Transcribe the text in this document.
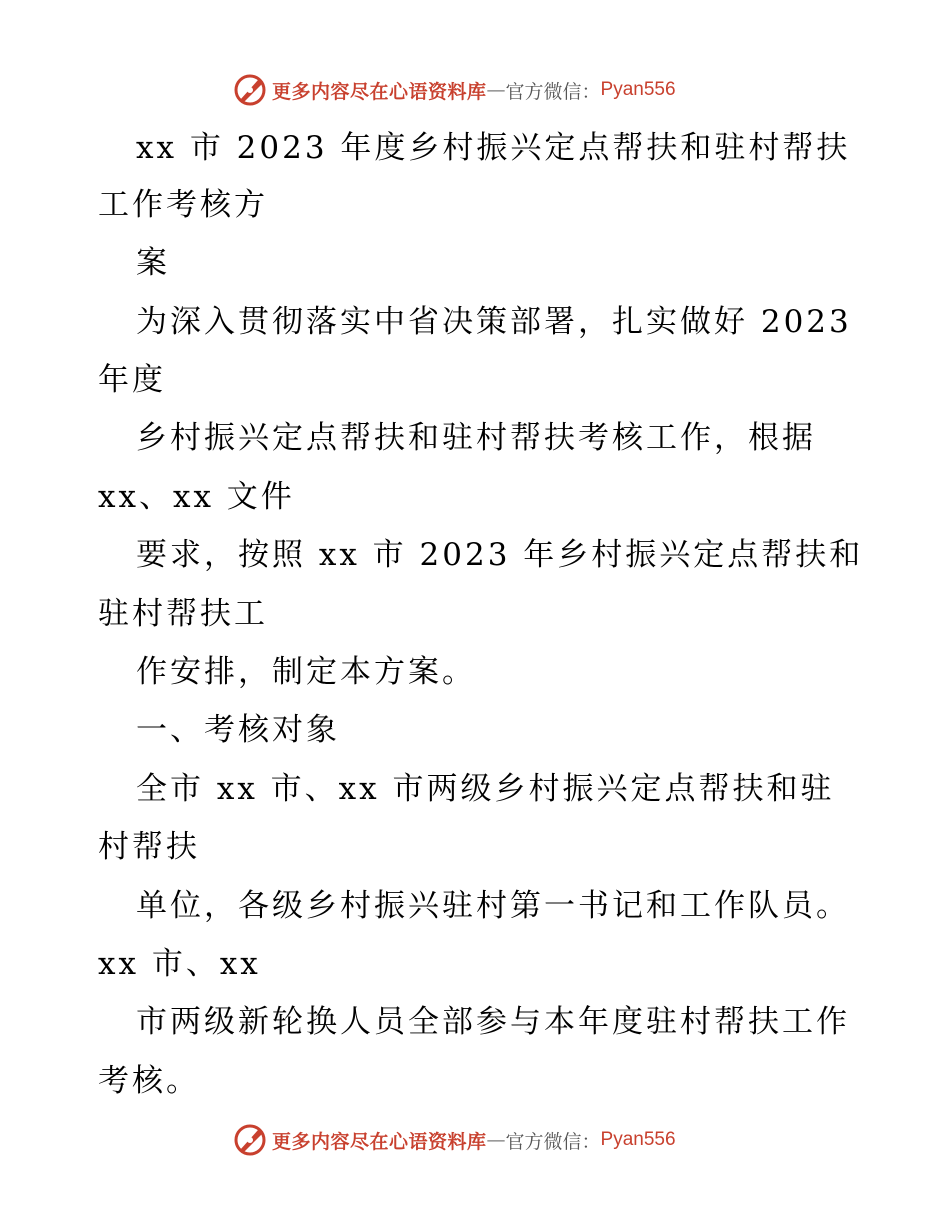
更多内容尽在心语资料库 — 官方微信： Pyan556
xx 市 2023 年度乡村振兴定点帮扶和驻村帮扶
工作考核方
案
为深入贯彻落实中省决策部署，扎实做好 2023
年度
乡村振兴定点帮扶和驻村帮扶考核工作，根据
xx、xx 文件
要求，按照 xx 市 2023 年乡村振兴定点帮扶和
驻村帮扶工
作安排，制定本方案。
一、考核对象
全市 xx 市、xx 市两级乡村振兴定点帮扶和驻
村帮扶
单位，各级乡村振兴驻村第一书记和工作队员。
xx 市、xx
市两级新轮换人员全部参与本年度驻村帮扶工作
考核。
更多内容尽在心语资料库 — 官方微信： Pyan556
